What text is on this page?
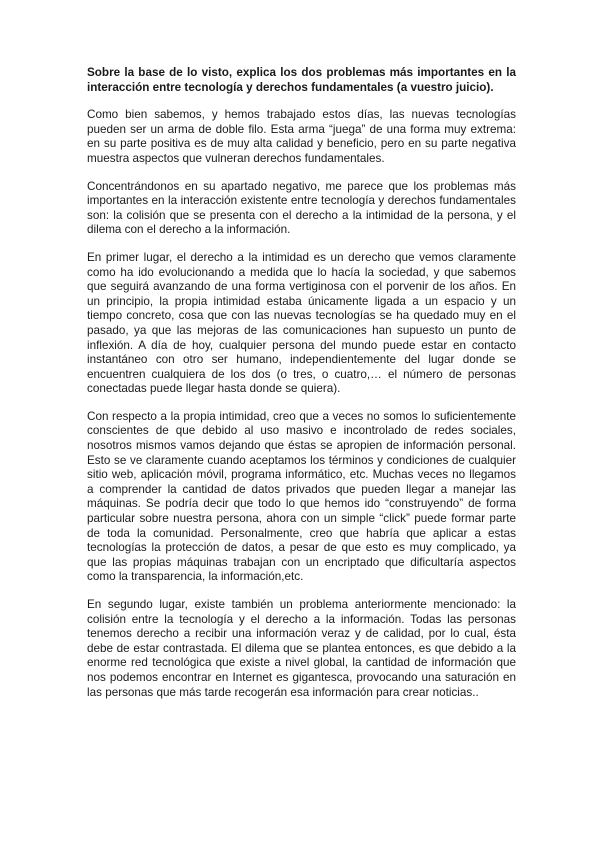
Sobre la base de lo visto, explica los dos problemas más importantes en la interacción entre tecnología y derechos fundamentales (a vuestro juicio).

Como bien sabemos, y hemos trabajado estos días, las nuevas tecnologías pueden ser un arma de doble filo. Esta arma “juega” de una forma muy extrema: en su parte positiva es de muy alta calidad y beneficio, pero en su parte negativa muestra aspectos que vulneran derechos fundamentales.

Concentrándonos en su apartado negativo, me parece que los problemas más importantes en la interacción existente entre tecnología y derechos fundamentales son: la colisión que se presenta con el derecho a la intimidad de la persona, y el dilema con el derecho a la información.

En primer lugar, el derecho a la intimidad es un derecho que vemos claramente como ha ido evolucionando a medida que lo hacía la sociedad, y que sabemos que seguirá avanzando de una forma vertiginosa con el porvenir de los años. En un principio, la propia intimidad estaba únicamente ligada a un espacio y un tiempo concreto, cosa que con las nuevas tecnologías se ha quedado muy en el pasado, ya que las mejoras de las comunicaciones han supuesto un punto de inflexión. A día de hoy, cualquier persona del mundo puede estar en contacto instantáneo con otro ser humano, independientemente del lugar donde se encuentren cualquiera de los dos (o tres, o cuatro,… el número de personas conectadas puede llegar hasta donde se quiera).

Con respecto a la propia intimidad, creo que a veces no somos lo suficientemente conscientes de que debido al uso masivo e incontrolado de redes sociales, nosotros mismos vamos dejando que éstas se apropien de información personal. Esto se ve claramente cuando aceptamos los términos y condiciones de cualquier sitio web, aplicación móvil, programa informático, etc. Muchas veces no llegamos a comprender la cantidad de datos privados que pueden llegar a manejar las máquinas. Se podría decir que todo lo que hemos ido “construyendo” de forma particular sobre nuestra persona, ahora con un simple “click” puede formar parte de toda la comunidad. Personalmente, creo que habría que aplicar a estas tecnologías la protección de datos, a pesar de que esto es muy complicado, ya que las propias máquinas trabajan con un encriptado que dificultaría aspectos como la transparencia, la información,etc.

En segundo lugar, existe también un problema anteriormente mencionado: la colisión entre la tecnología y el derecho a la información. Todas las personas tenemos derecho a recibir una información veraz y de calidad, por lo cual, ésta debe de estar contrastada. El dilema que se plantea entonces, es que debido a la enorme red tecnológica que existe a nivel global, la cantidad de información que nos podemos encontrar en Internet es gigantesca, provocando una saturación en las personas que más tarde recogerán esa información para crear noticias..
